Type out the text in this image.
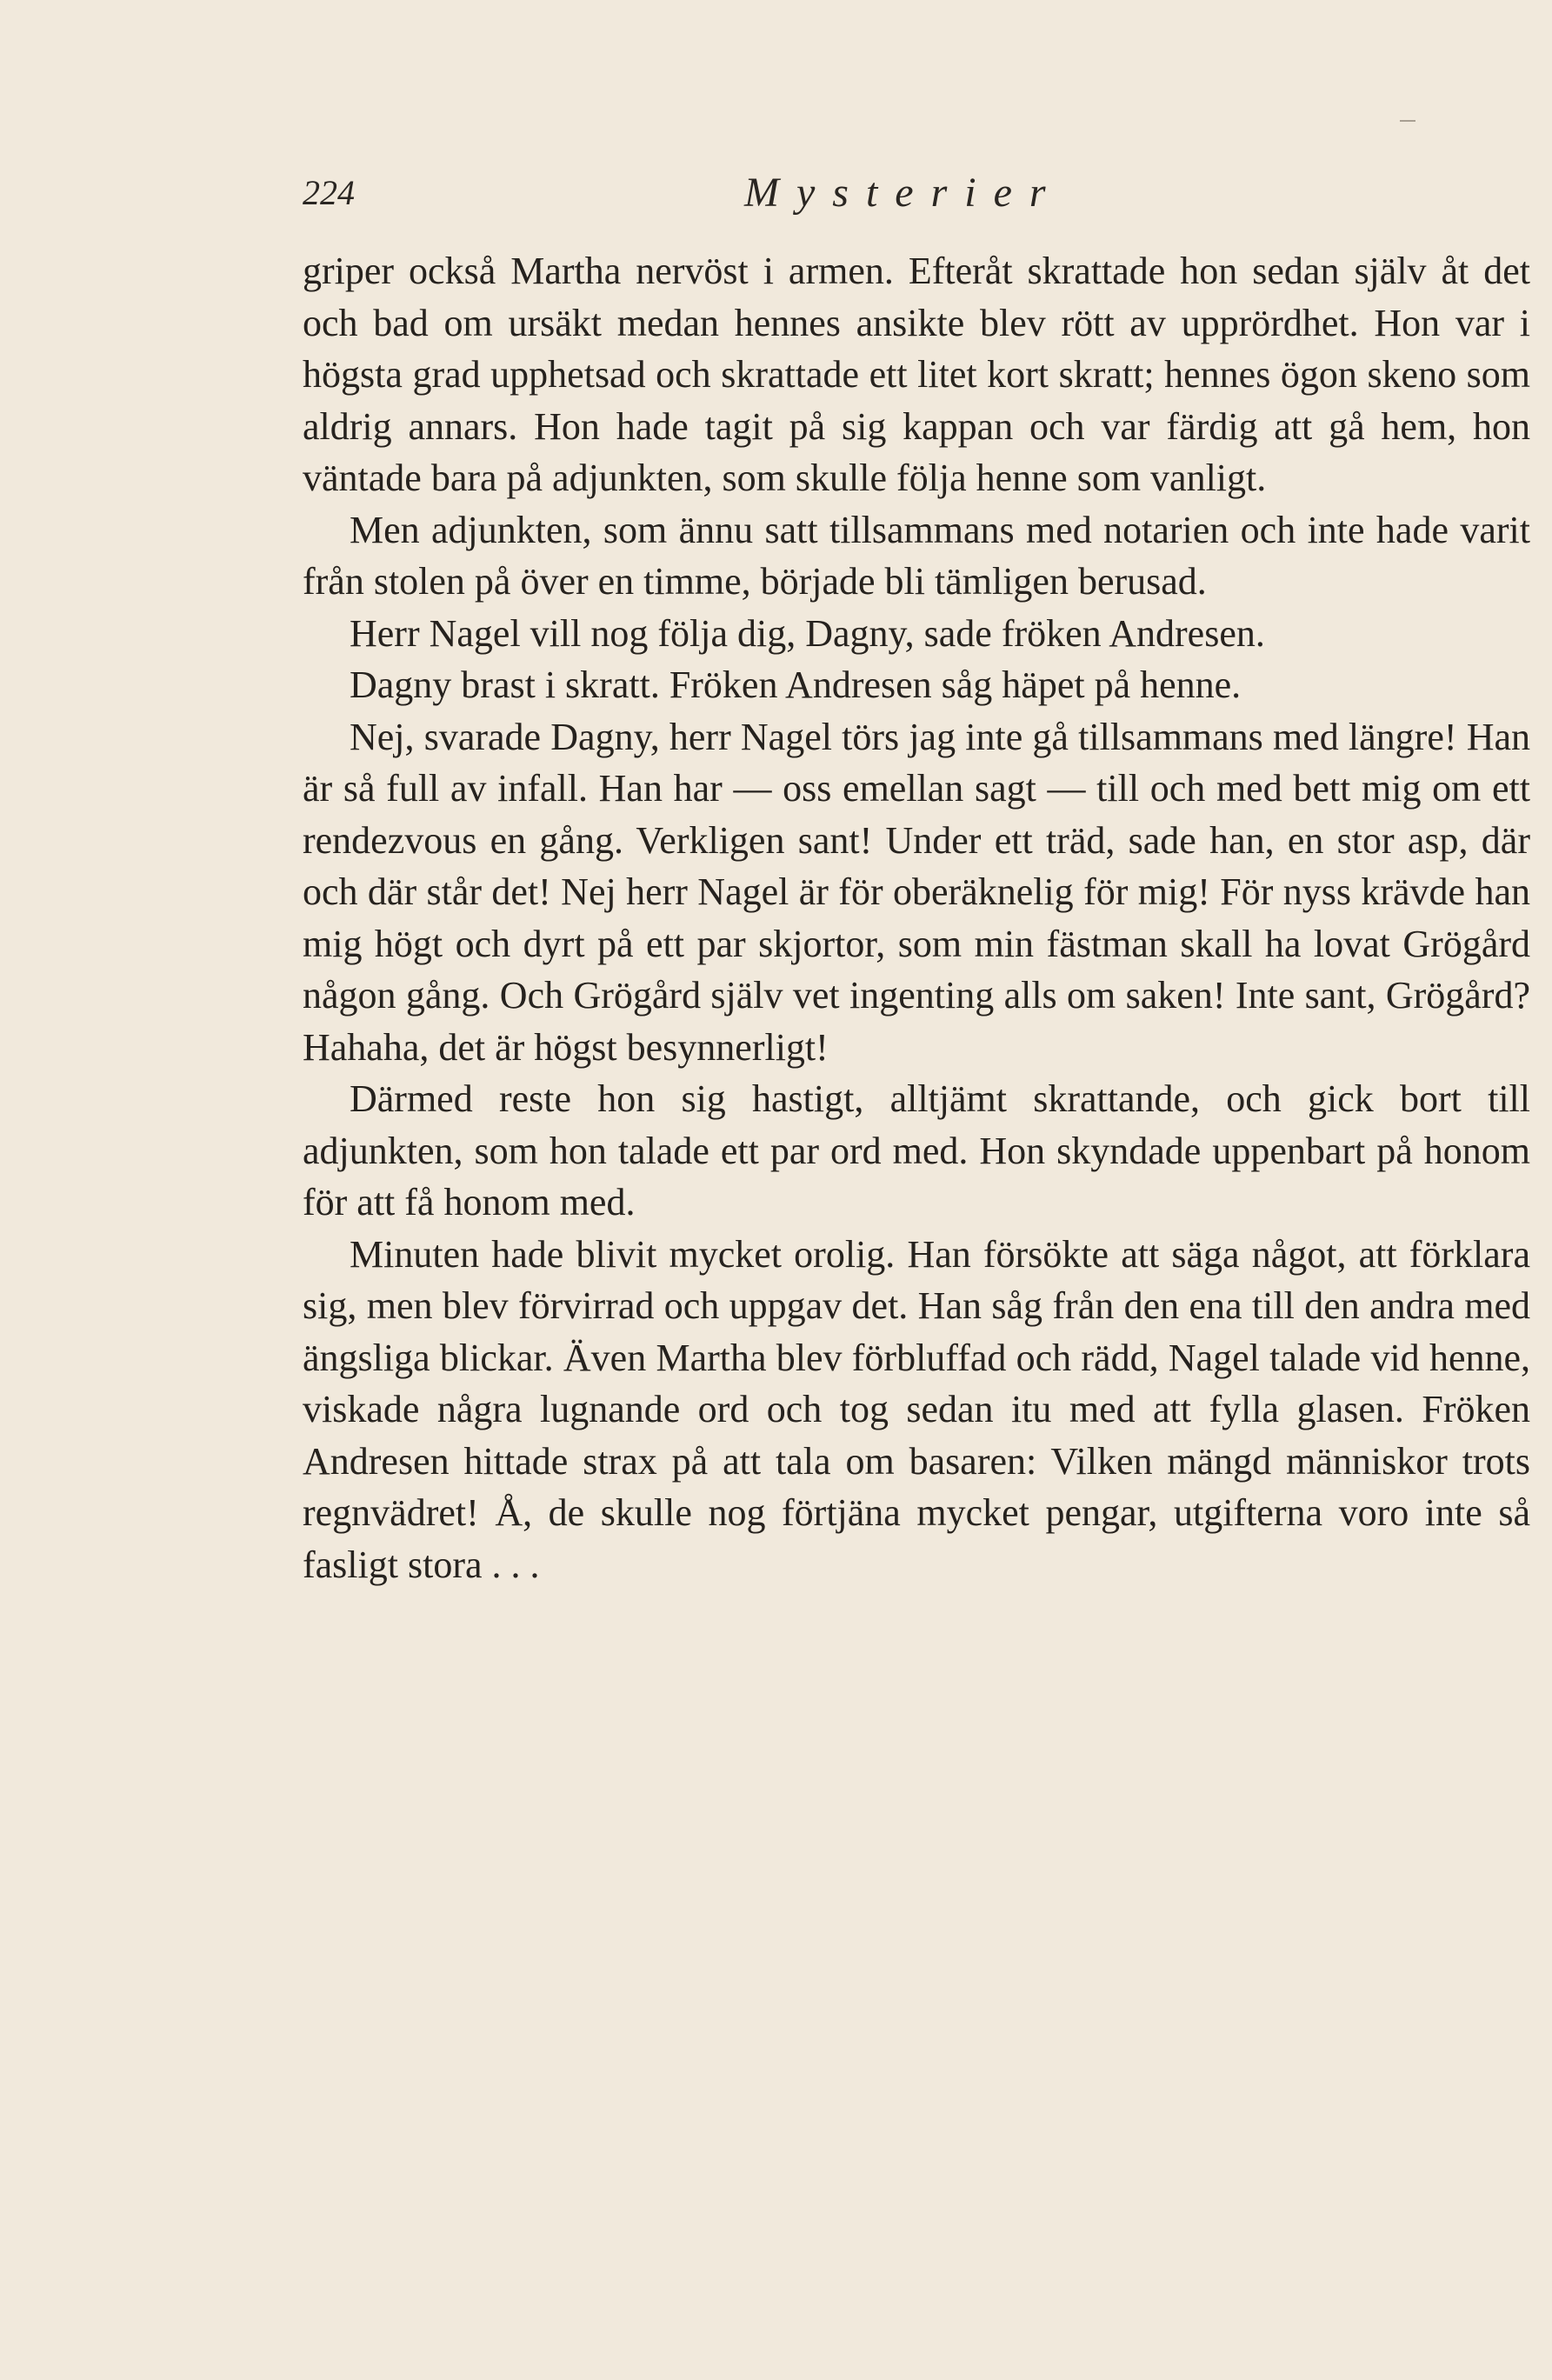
224	Mysterier

griper också Martha nervöst i armen. Efteråt skrattade hon sedan själv åt det och bad om ursäkt medan hennes ansikte blev rött av upprördhet. Hon var i högsta grad upphetsad och skrattade ett litet kort skratt; hennes ögon skeno som aldrig annars. Hon hade tagit på sig kappan och var färdig att gå hem, hon väntade bara på adjunkten, som skulle följa henne som vanligt.

Men adjunkten, som ännu satt tillsammans med notarien och inte hade varit från stolen på över en timme, började bli tämligen berusad.

Herr Nagel vill nog följa dig, Dagny, sade fröken Andresen.

Dagny brast i skratt. Fröken Andresen såg häpet på henne.

Nej, svarade Dagny, herr Nagel törs jag inte gå tillsammans med längre! Han är så full av infall. Han har — oss emellan sagt — till och med bett mig om ett rendezvous en gång. Verkligen sant! Under ett träd, sade han, en stor asp, där och där står det! Nej herr Nagel är för oberäknelig för mig! För nyss krävde han mig högt och dyrt på ett par skjortor, som min fästman skall ha lovat Grögård någon gång. Och Grögård själv vet ingenting alls om saken! Inte sant, Grögård? Hahaha, det är högst besynnerligt!

Därmed reste hon sig hastigt, alltjämt skrattande, och gick bort till adjunkten, som hon talade ett par ord med. Hon skyndade uppenbart på honom för att få honom med.

Minuten hade blivit mycket orolig. Han försökte att säga något, att förklara sig, men blev förvirrad och uppgav det. Han såg från den ena till den andra med ängsliga blickar. Även Martha blev förbluffad och rädd, Nagel talade vid henne, viskade några lugnande ord och tog sedan itu med att fylla glasen. Fröken Andresen hittade strax på att tala om basaren: Vilken mängd människor trots regnvädret! Å, de skulle nog förtjäna mycket pengar, utgifterna voro inte så fasligt stora . . .
